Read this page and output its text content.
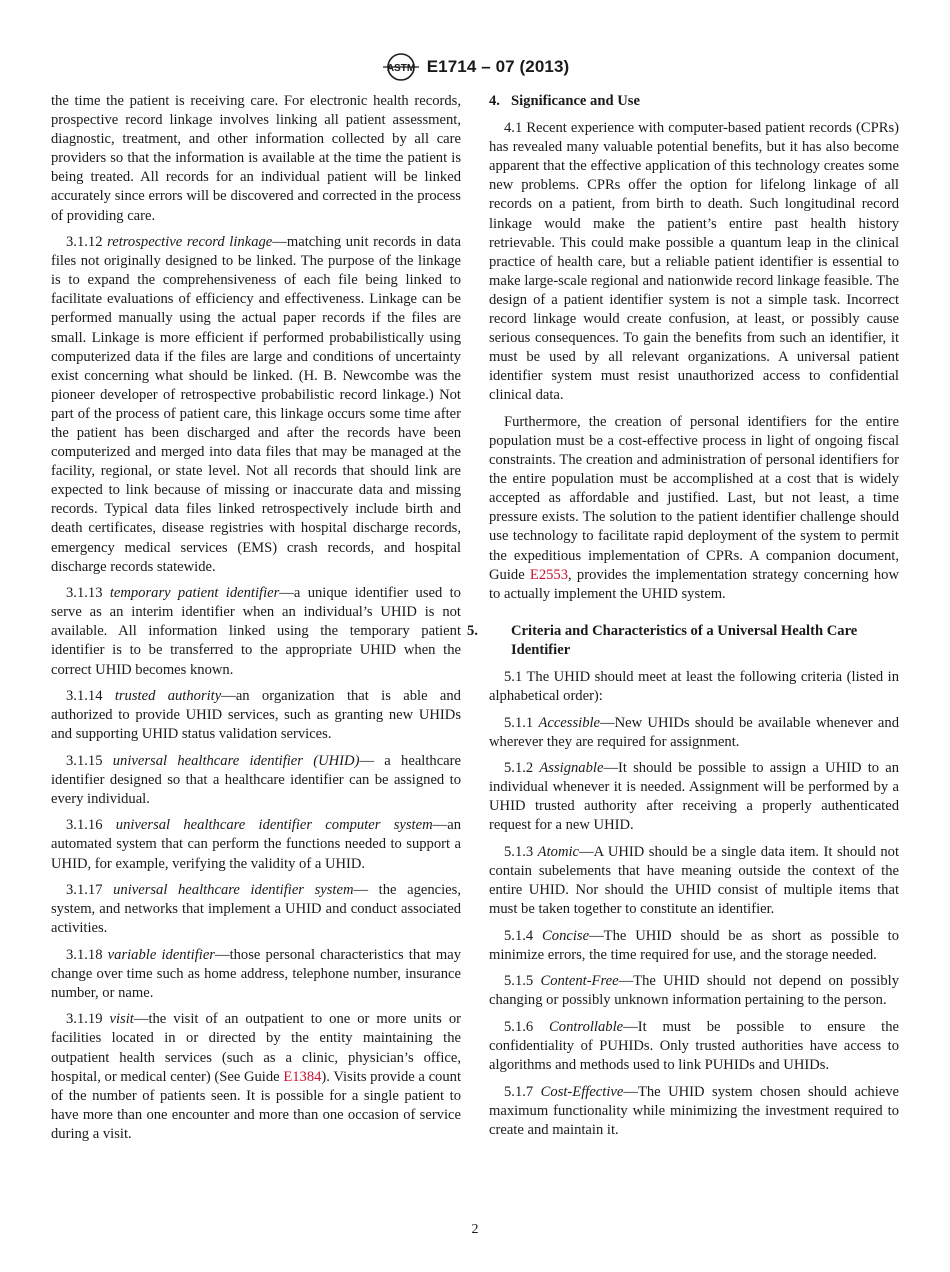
ASTM E1714 – 07 (2013)

the time the patient is receiving care. For electronic health records, prospective record linkage involves linking all patient assessment, diagnostic, treatment, and other information collected by all care providers so that the information is available at the time the patient is being treated. All records for an individual patient will be linked accurately since errors will be discovered and corrected in the process of providing care.

3.1.12 retrospective record linkage—matching unit records in data files not originally designed to be linked. The purpose of the linkage is to expand the comprehensiveness of each file being linked to facilitate evaluations of efficiency and effectiveness. Linkage can be performed manually using the actual paper records if the files are small. Linkage is more efficient if performed probabilistically using computerized data if the files are large and conditions of uncertainty exist concerning what should be linked. (H. B. Newcombe was the pioneer developer of retrospective probabilistic record linkage.) Not part of the process of patient care, this linkage occurs some time after the patient has been discharged and after the records have been computerized and merged into data files that may be managed at the facility, regional, or state level. Not all records that should link are expected to link because of missing or inaccurate data and missing records. Typical data files linked retrospectively include birth and death certificates, disease registries with hospital discharge records, emergency medical services (EMS) crash records, and hospital discharge records statewide.

3.1.13 temporary patient identifier—a unique identifier used to serve as an interim identifier when an individual’s UHID is not available. All information linked using the temporary patient identifier is to be transferred to the appropriate UHID when the correct UHID becomes known.

3.1.14 trusted authority—an organization that is able and authorized to provide UHID services, such as granting new UHIDs and supporting UHID status validation services.

3.1.15 universal healthcare identifier (UHID)— a healthcare identifier designed so that a healthcare identifier can be assigned to every individual.

3.1.16 universal healthcare identifier computer system—an automated system that can perform the functions needed to support a UHID, for example, verifying the validity of a UHID.

3.1.17 universal healthcare identifier system— the agencies, system, and networks that implement a UHID and conduct associated activities.

3.1.18 variable identifier—those personal characteristics that may change over time such as home address, telephone number, insurance number, or name.

3.1.19 visit—the visit of an outpatient to one or more units or facilities located in or directed by the entity maintaining the outpatient health services (such as a clinic, physician’s office, hospital, or medical center) (See Guide E1384). Visits provide a count of the number of patients seen. It is possible for a single patient to have more than one encounter and more than one occasion of service during a visit.

4. Significance and Use

4.1 Recent experience with computer-based patient records (CPRs) has revealed many valuable potential benefits, but it has also become apparent that the effective application of this technology creates some new problems. CPRs offer the option for lifelong linkage of all records on a patient, from birth to death. Such longitudinal record linkage would make the patient’s entire past health history retrievable. This could make possible a quantum leap in the clinical practice of health care, but a reliable patient identifier is essential to make large-scale regional and nationwide record linkage feasible. The design of a patient identifier system is not a simple task. Incorrect record linkage would create confusion, at least, or possibly cause serious consequences. To gain the benefits from such an identifier, it must be used by all relevant organizations. A universal patient identifier system must resist unauthorized access to confidential clinical data.

Furthermore, the creation of personal identifiers for the entire population must be a cost-effective process in light of ongoing fiscal constraints. The creation and administration of personal identifiers for the entire population must be accomplished at a cost that is widely accepted as affordable and justified. Last, but not least, a time pressure exists. The solution to the patient identifier challenge should use technology to facilitate rapid deployment of the system to permit the expeditious implementation of CPRs. A companion document, Guide E2553, provides the implementation strategy concerning how to actually implement the UHID system.

5. Criteria and Characteristics of a Universal Health Care Identifier

5.1 The UHID should meet at least the following criteria (listed in alphabetical order):

5.1.1 Accessible—New UHIDs should be available whenever and wherever they are required for assignment.

5.1.2 Assignable—It should be possible to assign a UHID to an individual whenever it is needed. Assignment will be performed by a UHID trusted authority after receiving a properly authenticated request for a new UHID.

5.1.3 Atomic—A UHID should be a single data item. It should not contain subelements that have meaning outside the context of the entire UHID. Nor should the UHID consist of multiple items that must be taken together to constitute an identifier.

5.1.4 Concise—The UHID should be as short as possible to minimize errors, the time required for use, and the storage needed.

5.1.5 Content-Free—The UHID should not depend on possibly changing or possibly unknown information pertaining to the person.

5.1.6 Controllable—It must be possible to ensure the confidentiality of PUHIDs. Only trusted authorities have access to algorithms and methods used to link PUHIDs and UHIDs.

5.1.7 Cost-Effective—The UHID system chosen should achieve maximum functionality while minimizing the investment required to create and maintain it.

2
